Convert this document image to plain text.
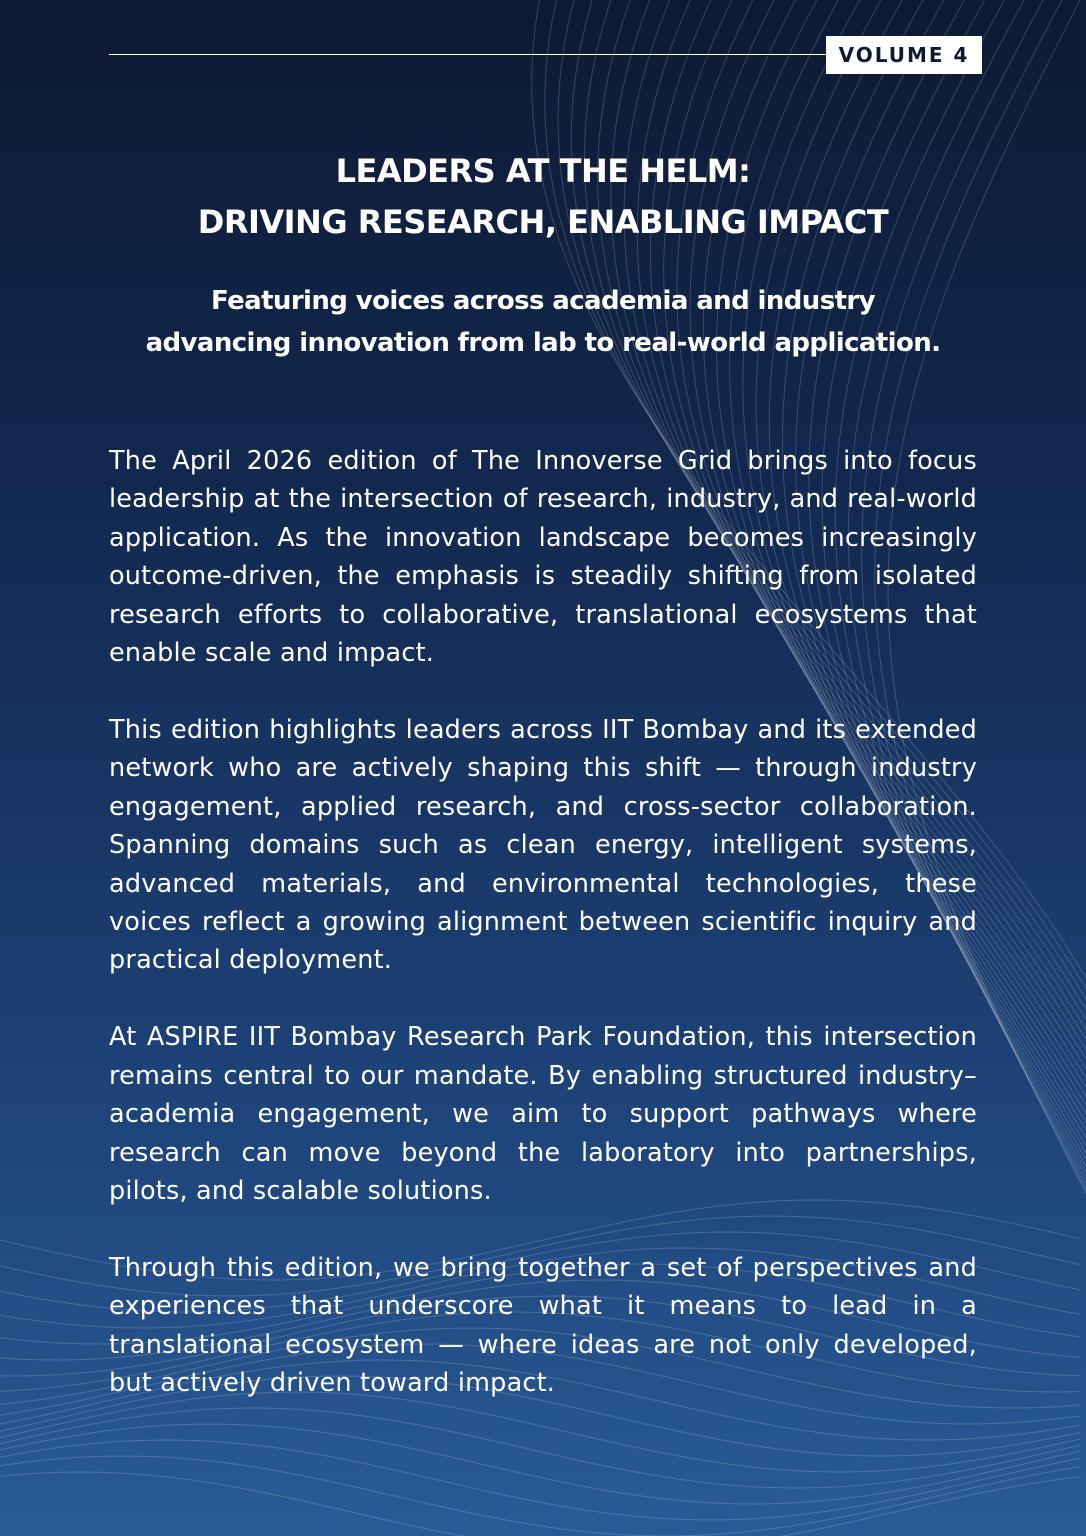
VOLUME 4
LEADERS AT THE HELM:
DRIVING RESEARCH, ENABLING IMPACT
Featuring voices across academia and industry
advancing innovation from lab to real-world application.

The April 2026 edition of The Innoverse Grid brings into focus leadership at the intersection of research, industry, and real-world application. As the innovation landscape becomes increasingly outcome-driven, the emphasis is steadily shifting from isolated research efforts to collaborative, translational ecosystems that enable scale and impact.

This edition highlights leaders across IIT Bombay and its extended network who are actively shaping this shift — through industry engagement, applied research, and cross-sector collaboration. Spanning domains such as clean energy, intelligent systems, advanced materials, and environmental technologies, these voices reflect a growing alignment between scientific inquiry and practical deployment.

At ASPIRE IIT Bombay Research Park Foundation, this intersection remains central to our mandate. By enabling structured industry–academia engagement, we aim to support pathways where research can move beyond the laboratory into partnerships, pilots, and scalable solutions.

Through this edition, we bring together a set of perspectives and experiences that underscore what it means to lead in a translational ecosystem — where ideas are not only developed, but actively driven toward impact.
